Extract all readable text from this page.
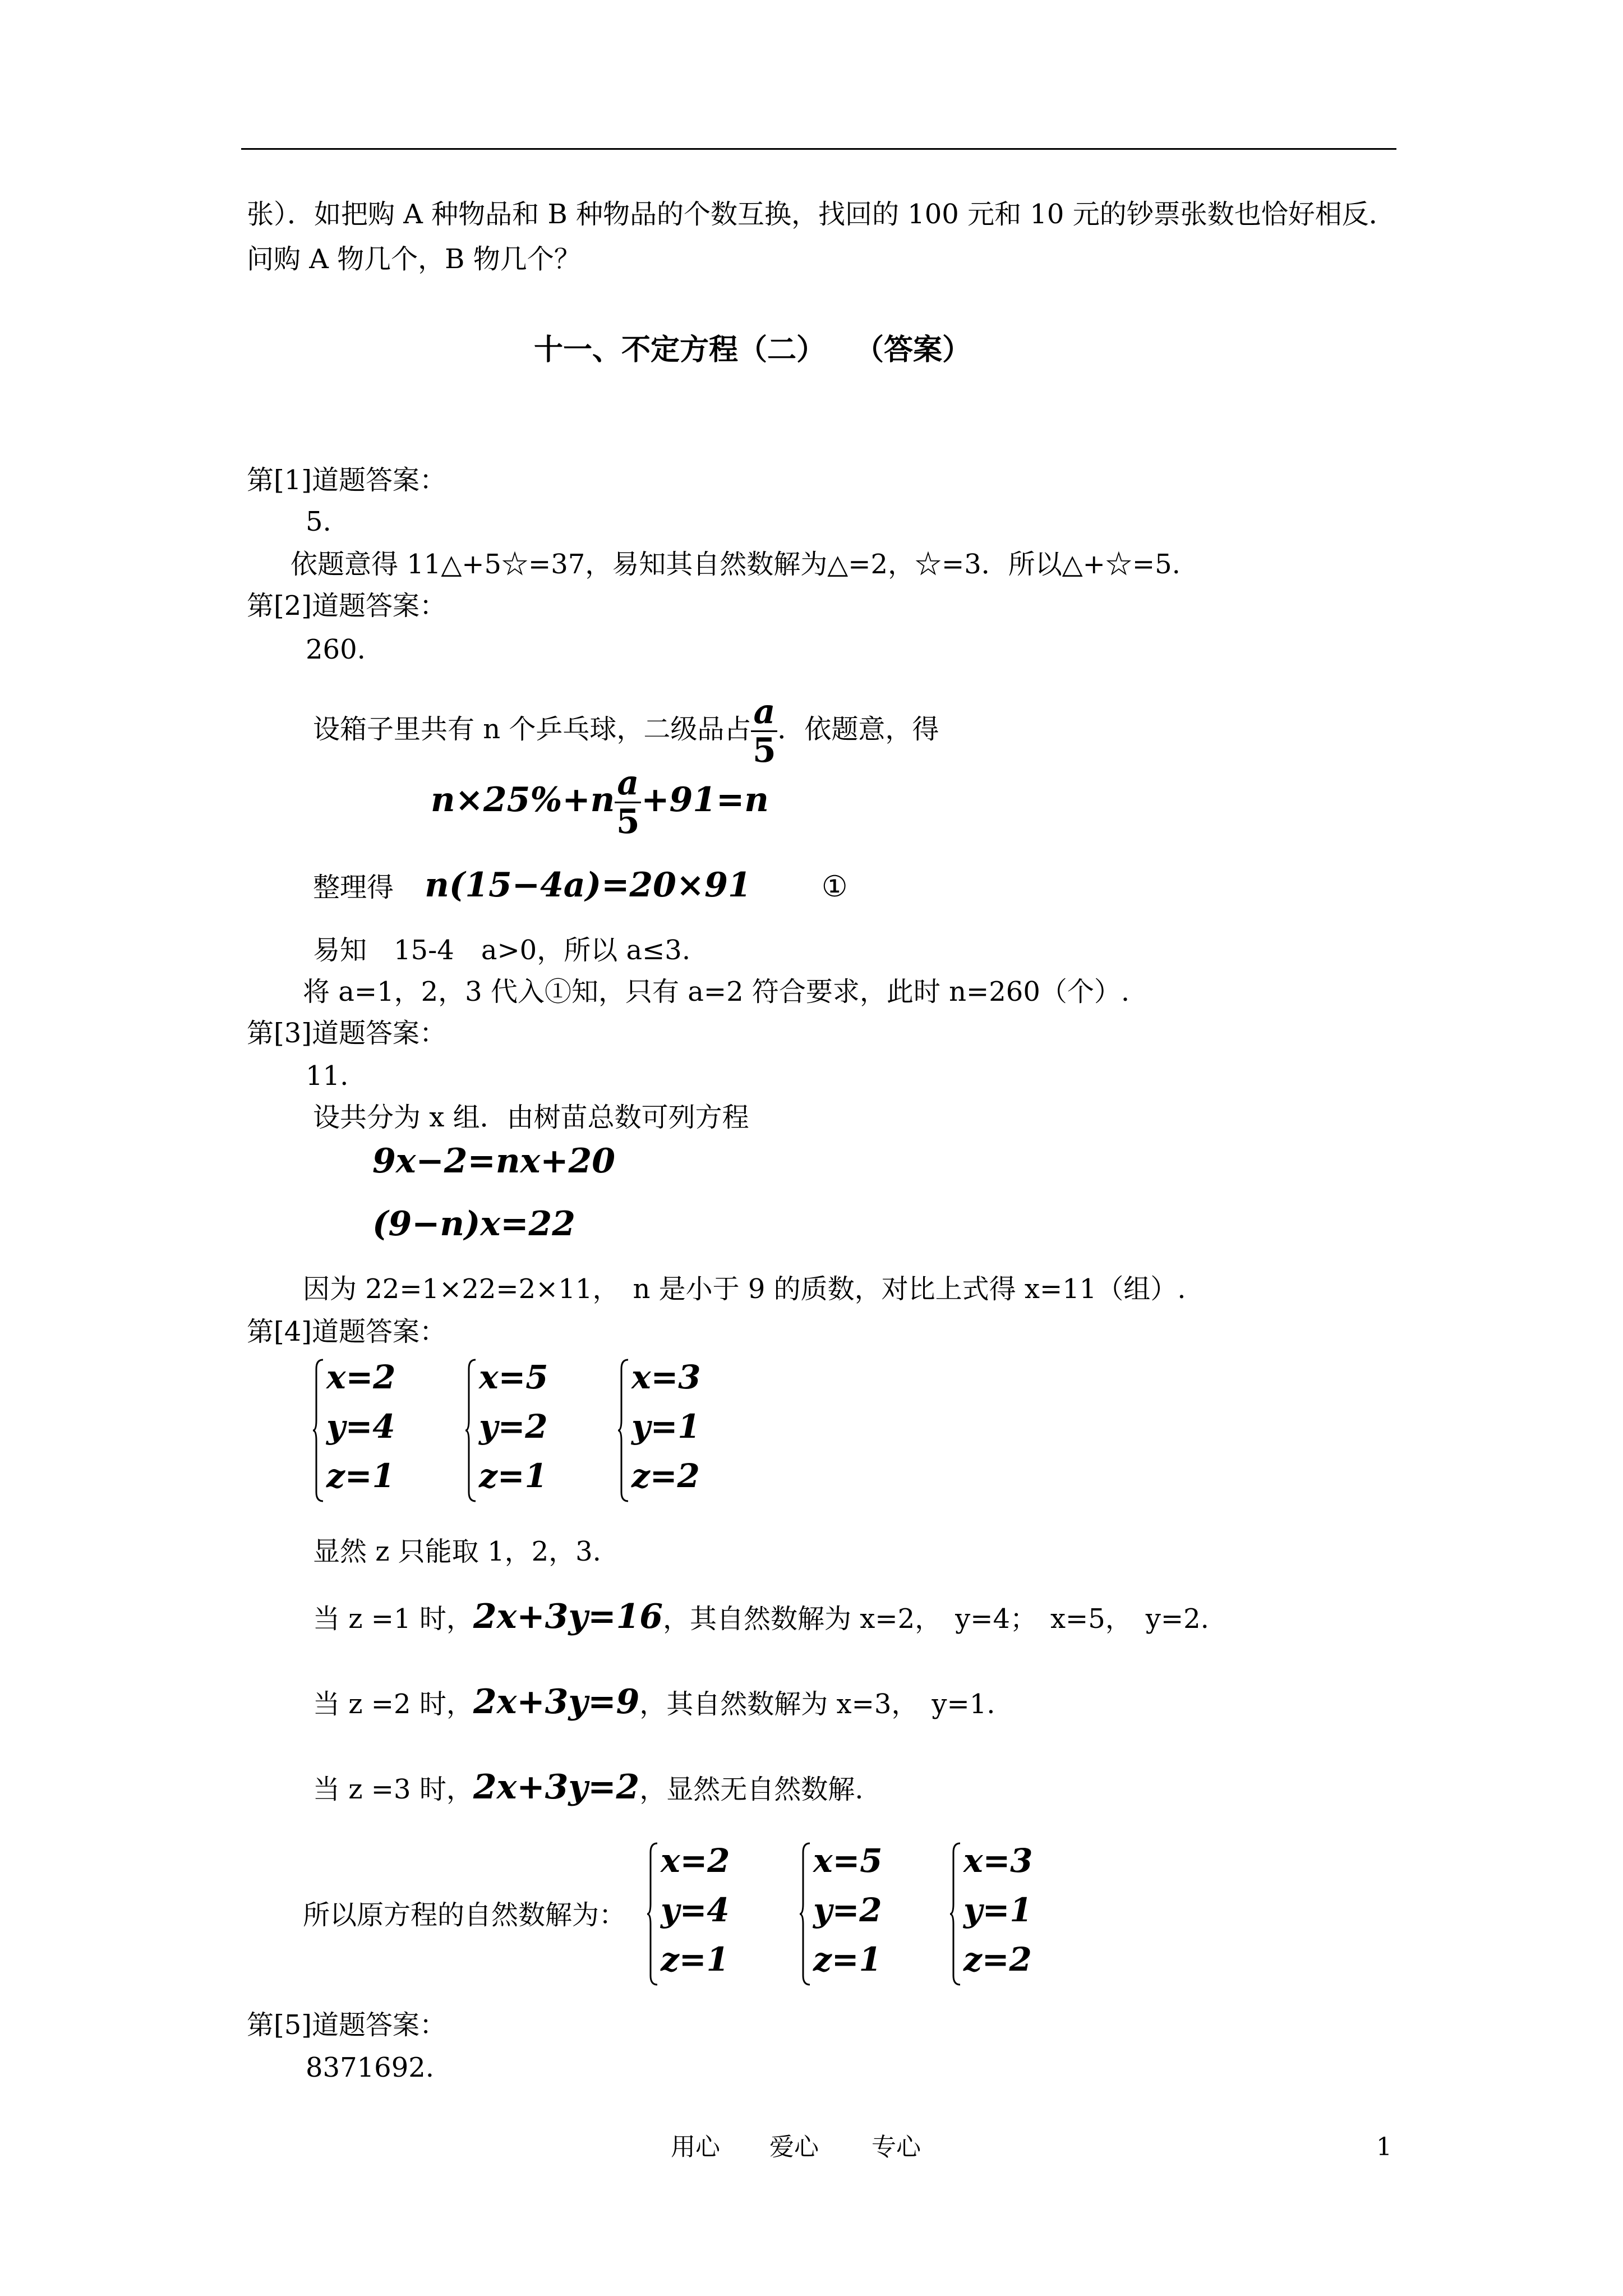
张）．如把购 A 种物品和 B 种物品的个数互换，找回的 100 元和 10 元的钞票张数也恰好相反．
问购 A 物几个，B 物几个？
十一、不定方程（二）　　（答案）
第[1]道题答案：
5.
依题意得 11△+5☆=37，易知其自然数解为△=2，☆=3．所以△+☆=5.
第[2]道题答案：
260.
设箱子里共有 n 个乒乓球，二级品占 $\frac{a}{5}$ ．依题意，得
$n\times 25\%+n \frac{a}{5} +91=n$
整理得 n(15−4a)=20×91 ①
易知　15-4　a>0，所以 a≤3.
将 a=1，2，3 代入①知，只有 a=2 符合要求，此时 n=260（个）.
第[3]道题答案：
11.
设共分为 x 组．由树苗总数可列方程
9x−2=nx+20
(9−n)x=22
因为 22=1×22=2×11，　n 是小于 9 的质数，对比上式得 x=11（组）.
第[4]道题答案：
x=2
y=4
z=1
x=5
y=2
z=1
x=3
y=1
z=2
显然 z 只能取 1，2，3.
当 z =1 时，2x+3y=16，其自然数解为 x=2，　y=4；　x=5，　y=2.
当 z =2 时，2x+3y=9，其自然数解为 x=3，　y=1.
当 z =3 时，2x+3y=2，显然无自然数解.
所以原方程的自然数解为：
x=2
y=4
z=1
x=5
y=2
z=1
x=3
y=1
z=2
第[5]道题答案：
8371692.
用心 爱心 专心	1
